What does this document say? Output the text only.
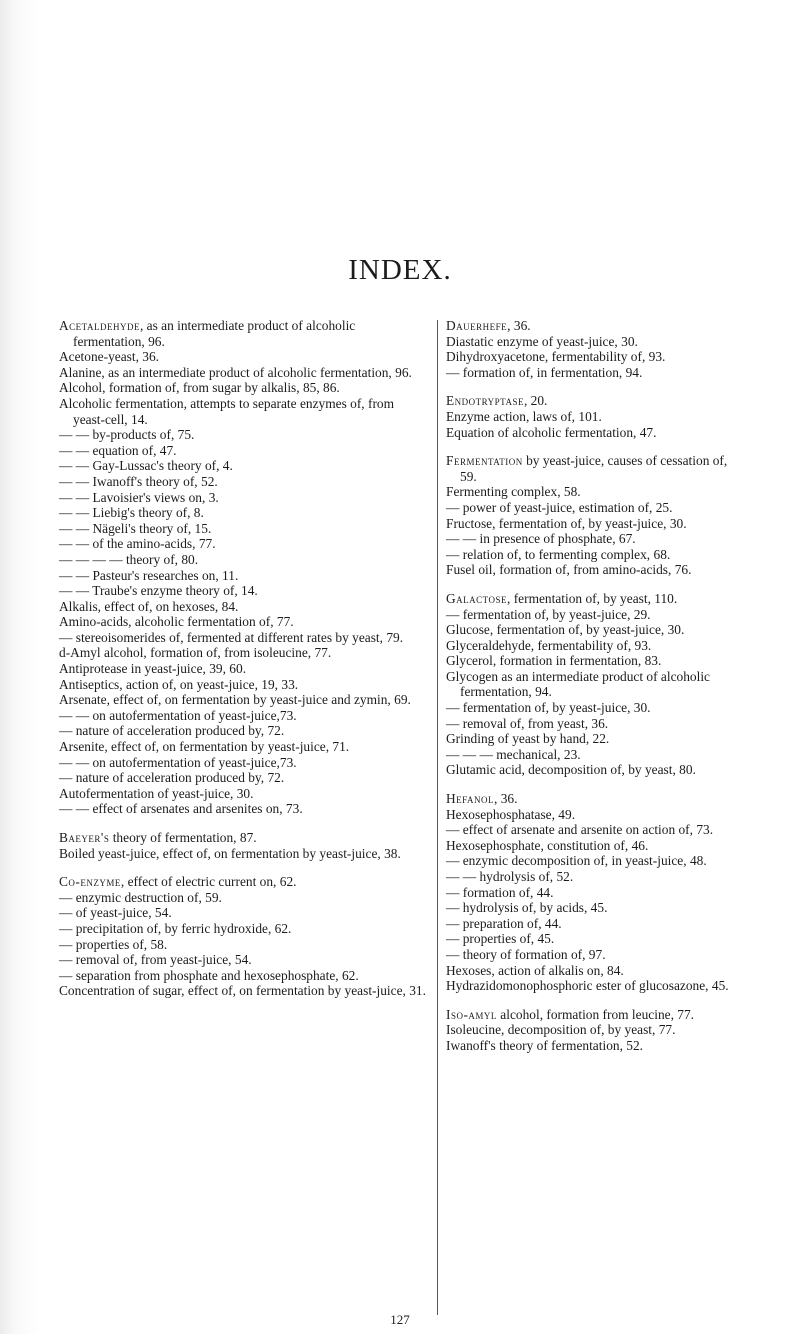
INDEX.
Acetaldehyde, as an intermediate product of alcoholic fermentation, 96.
Acetone-yeast, 36.
Alanine, as an intermediate product of alcoholic fermentation, 96.
Alcohol, formation of, from sugar by alkalis, 85, 86.
Alcoholic fermentation, attempts to separate enzymes of, from yeast-cell, 14.
— — by-products of, 75.
— — equation of, 47.
— — Gay-Lussac's theory of, 4.
— — Iwanoff's theory of, 52.
— — Lavoisier's views on, 3.
— — Liebig's theory of, 8.
— — Nägeli's theory of, 15.
— — of the amino-acids, 77.
— — — — theory of, 80.
— — Pasteur's researches on, 11.
— — Traube's enzyme theory of, 14.
Alkalis, effect of, on hexoses, 84.
Amino-acids, alcoholic fermentation of, 77.
— stereoisomerides of, fermented at different rates by yeast, 79.
d-Amyl alcohol, formation of, from isoleucine, 77.
Antiprotease in yeast-juice, 39, 60.
Antiseptics, action of, on yeast-juice, 19, 33.
Arsenate, effect of, on fermentation by yeast-juice and zymin, 69.
— — on autofermentation of yeast-juice,73.
— nature of acceleration produced by, 72.
Arsenite, effect of, on fermentation by yeast-juice, 71.
— — on autofermentation of yeast-juice,73.
— nature of acceleration produced by, 72.
Autofermentation of yeast-juice, 30.
— — effect of arsenates and arsenites on, 73.
Baeyer's theory of fermentation, 87.
Boiled yeast-juice, effect of, on fermentation by yeast-juice, 38.
Co-enzyme, effect of electric current on, 62.
— enzymic destruction of, 59.
— of yeast-juice, 54.
— precipitation of, by ferric hydroxide, 62.
— properties of, 58.
— removal of, from yeast-juice, 54.
— separation from phosphate and hexosephosphate, 62.
Concentration of sugar, effect of, on fermentation by yeast-juice, 31.
Dauerhefe, 36.
Diastatic enzyme of yeast-juice, 30.
Dihydroxyacetone, fermentability of, 93.
— formation of, in fermentation, 94.
Endotryptase, 20.
Enzyme action, laws of, 101.
Equation of alcoholic fermentation, 47.
Fermentation by yeast-juice, causes of cessation of, 59.
Fermenting complex, 58.
— power of yeast-juice, estimation of, 25.
Fructose, fermentation of, by yeast-juice, 30.
— — in presence of phosphate, 67.
— relation of, to fermenting complex, 68.
Fusel oil, formation of, from amino-acids, 76.
Galactose, fermentation of, by yeast, 110.
— fermentation of, by yeast-juice, 29.
Glucose, fermentation of, by yeast-juice, 30.
Glyceraldehyde, fermentability of, 93.
Glycerol, formation in fermentation, 83.
Glycogen as an intermediate product of alcoholic fermentation, 94.
— fermentation of, by yeast-juice, 30.
— removal of, from yeast, 36.
Grinding of yeast by hand, 22.
— — — mechanical, 23.
Glutamic acid, decomposition of, by yeast, 80.
Hefanol, 36.
Hexosephosphatase, 49.
— effect of arsenate and arsenite on action of, 73.
Hexosephosphate, constitution of, 46.
— enzymic decomposition of, in yeast-juice, 48.
— — hydrolysis of, 52.
— formation of, 44.
— hydrolysis of, by acids, 45.
— preparation of, 44.
— properties of, 45.
— theory of formation of, 97.
Hexoses, action of alkalis on, 84.
Hydrazidomonophosphoric ester of glucosazone, 45.
Iso-amyl alcohol, formation from leucine, 77.
Isoleucine, decomposition of, by yeast, 77.
Iwanoff's theory of fermentation, 52.
127
